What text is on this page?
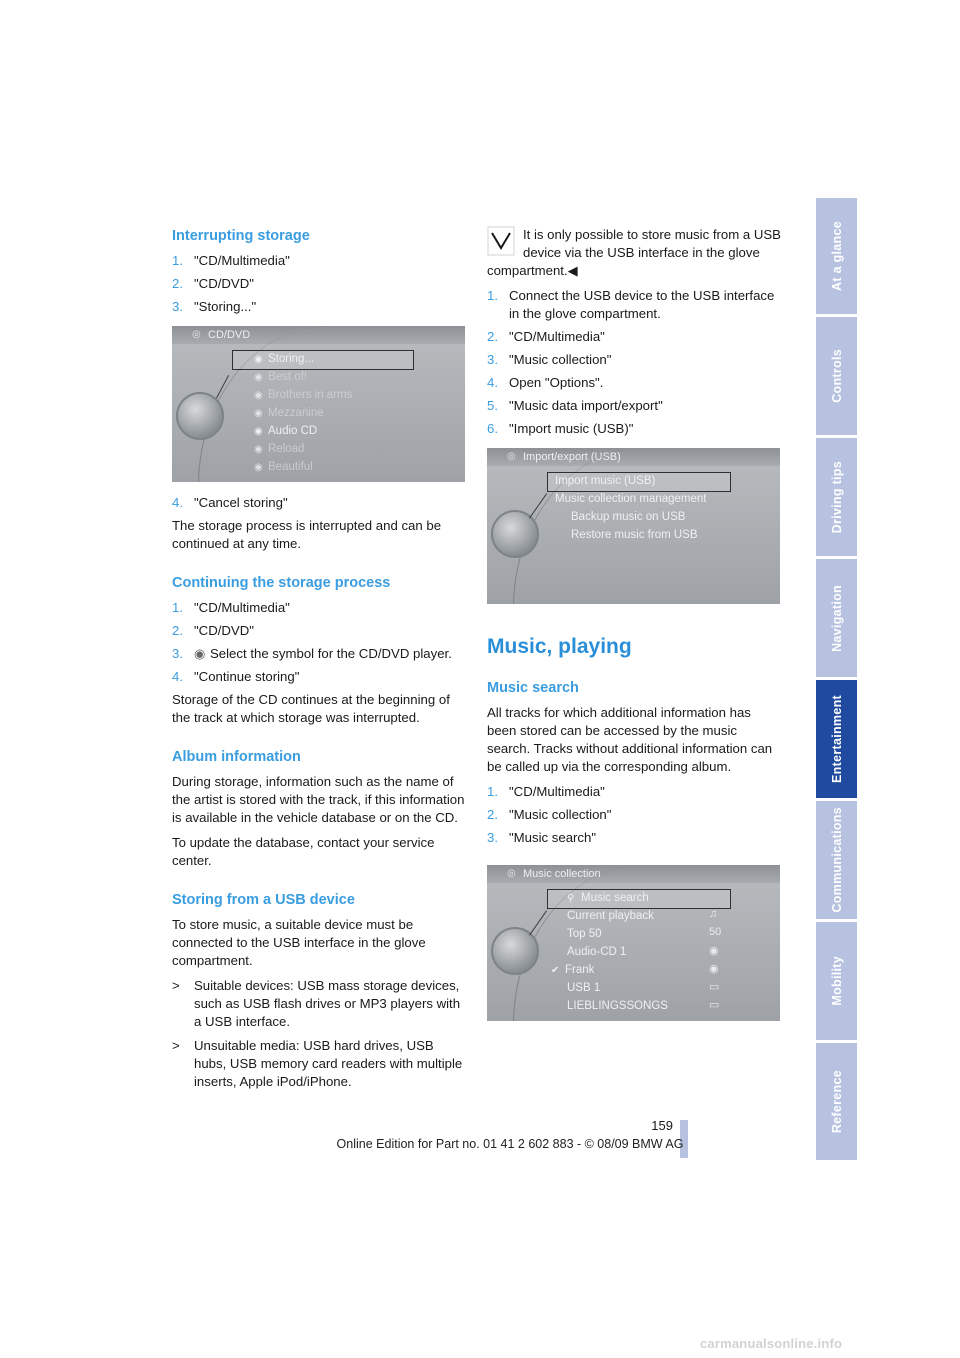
Interrupting storage
1. "CD/Multimedia"
2. "CD/DVD"
3. "Storing..."
CD/DVD
◎
◉ Storing...
◉ Best of!
◉ Brothers in arms
◉ Mezzanine
◉ Audio CD
◉ Reload
◉ Beautiful
4. "Cancel storing"

The storage process is interrupted and can be continued at any time.

Continuing the storage process
1. "CD/Multimedia"
2. "CD/DVD"
3. ◉ Select the symbol for the CD/DVD player.
4. "Continue storing"

Storage of the CD continues at the beginning of the track at which storage was interrupted.

Album information

During storage, information such as the name of the artist is stored with the track, if this information is available in the vehicle database or on the CD.

To update the database, contact your service center.

Storing from a USB device

To store music, a suitable device must be connected to the USB interface in the glove compartment.

>	Suitable devices: USB mass storage devices, such as USB flash drives or MP3 players with a USB interface.
>	Unsuitable media: USB hard drives, USB hubs, USB memory card readers with multiple inserts, Apple iPod/iPhone.

It is only possible to store music from a USB device via the USB interface in the glove compartment.◀

1. Connect the USB device to the USB interface in the glove compartment.
2. "CD/Multimedia"
3. "Music collection"
4. Open "Options".
5. "Music data import/export"
6. "Import music (USB)"
Import/export (USB)
◎
Import music (USB)
Music collection management
Backup music on USB
Restore music from USB
Music, playing
Music search

All tracks for which additional information has been stored can be accessed by the music search. Tracks without additional information can be called up via the corresponding album.

1. "CD/Multimedia"
2. "Music collection"
3. "Music search"
Music collection
◎
⚲ Music search
Current playback
Top 50
Audio-CD 1
✔ Frank
USB 1
LIEBLINGSSONGS
♫
50
◉
◉
▭
▭
At a glance
Controls
Driving tips
Navigation
Entertainment
Communications
Mobility
Reference
159
Online Edition for Part no. 01 41 2 602 883 - © 08/09 BMW AG
carmanualsonline.info
